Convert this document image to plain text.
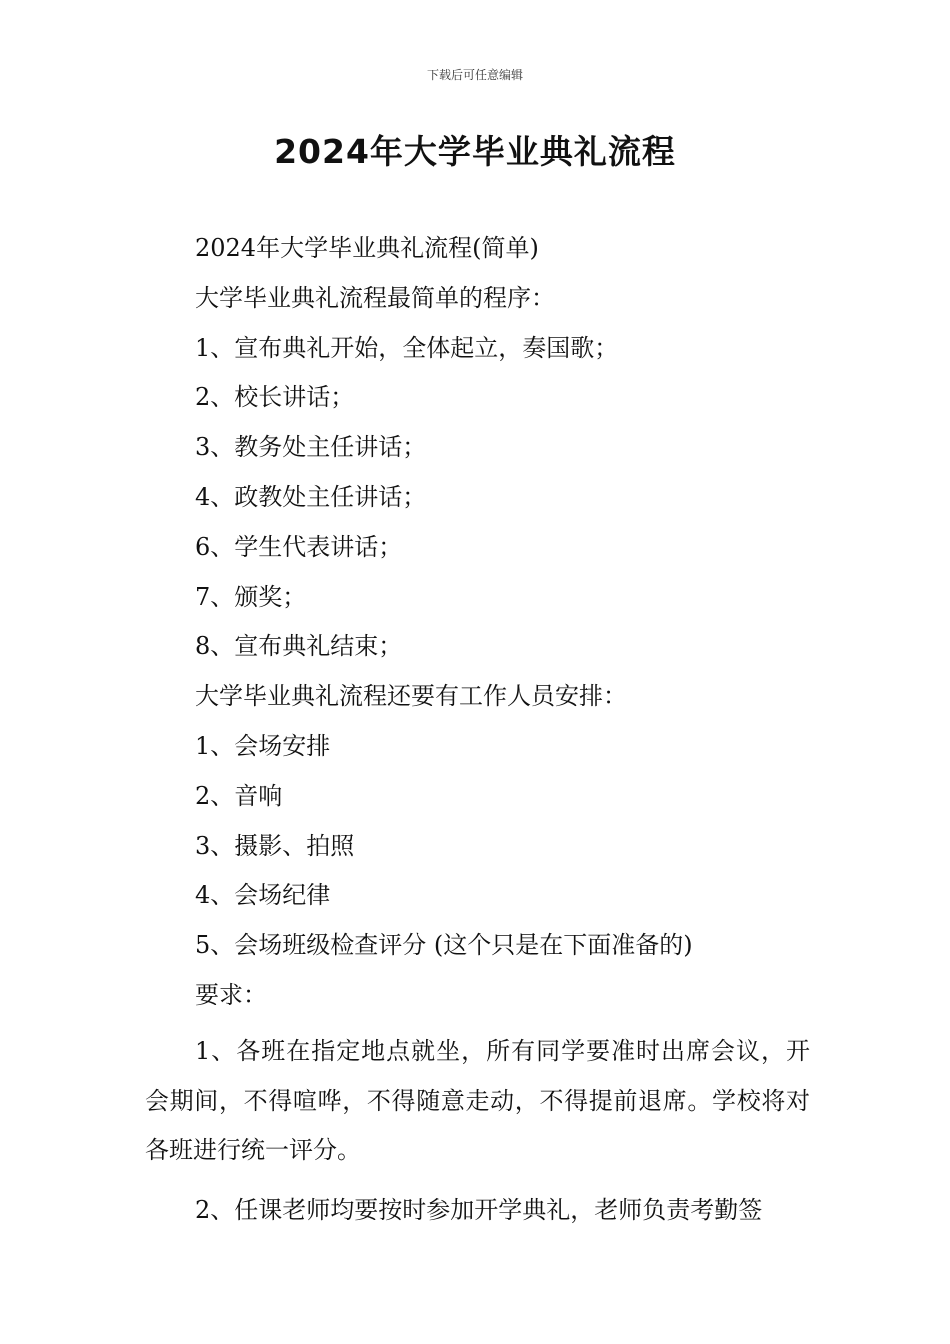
下载后可任意编辑
2024年大学毕业典礼流程
2024年大学毕业典礼流程(简单)
大学毕业典礼流程最简单的程序：
1、宣布典礼开始，全体起立，奏国歌；
2、校长讲话；
3、教务处主任讲话；
4、政教处主任讲话；
6、学生代表讲话；
7、颁奖；
8、宣布典礼结束；
大学毕业典礼流程还要有工作人员安排：
1、会场安排
2、音响
3、摄影、拍照
4、会场纪律
5、会场班级检查评分 (这个只是在下面准备的)
要求：
1、各班在指定地点就坐，所有同学要准时出席会议，开会期间，不得喧哗，不得随意走动，不得提前退席。学校将对各班进行统一评分。
2、任课老师均要按时参加开学典礼，老师负责考勤签
